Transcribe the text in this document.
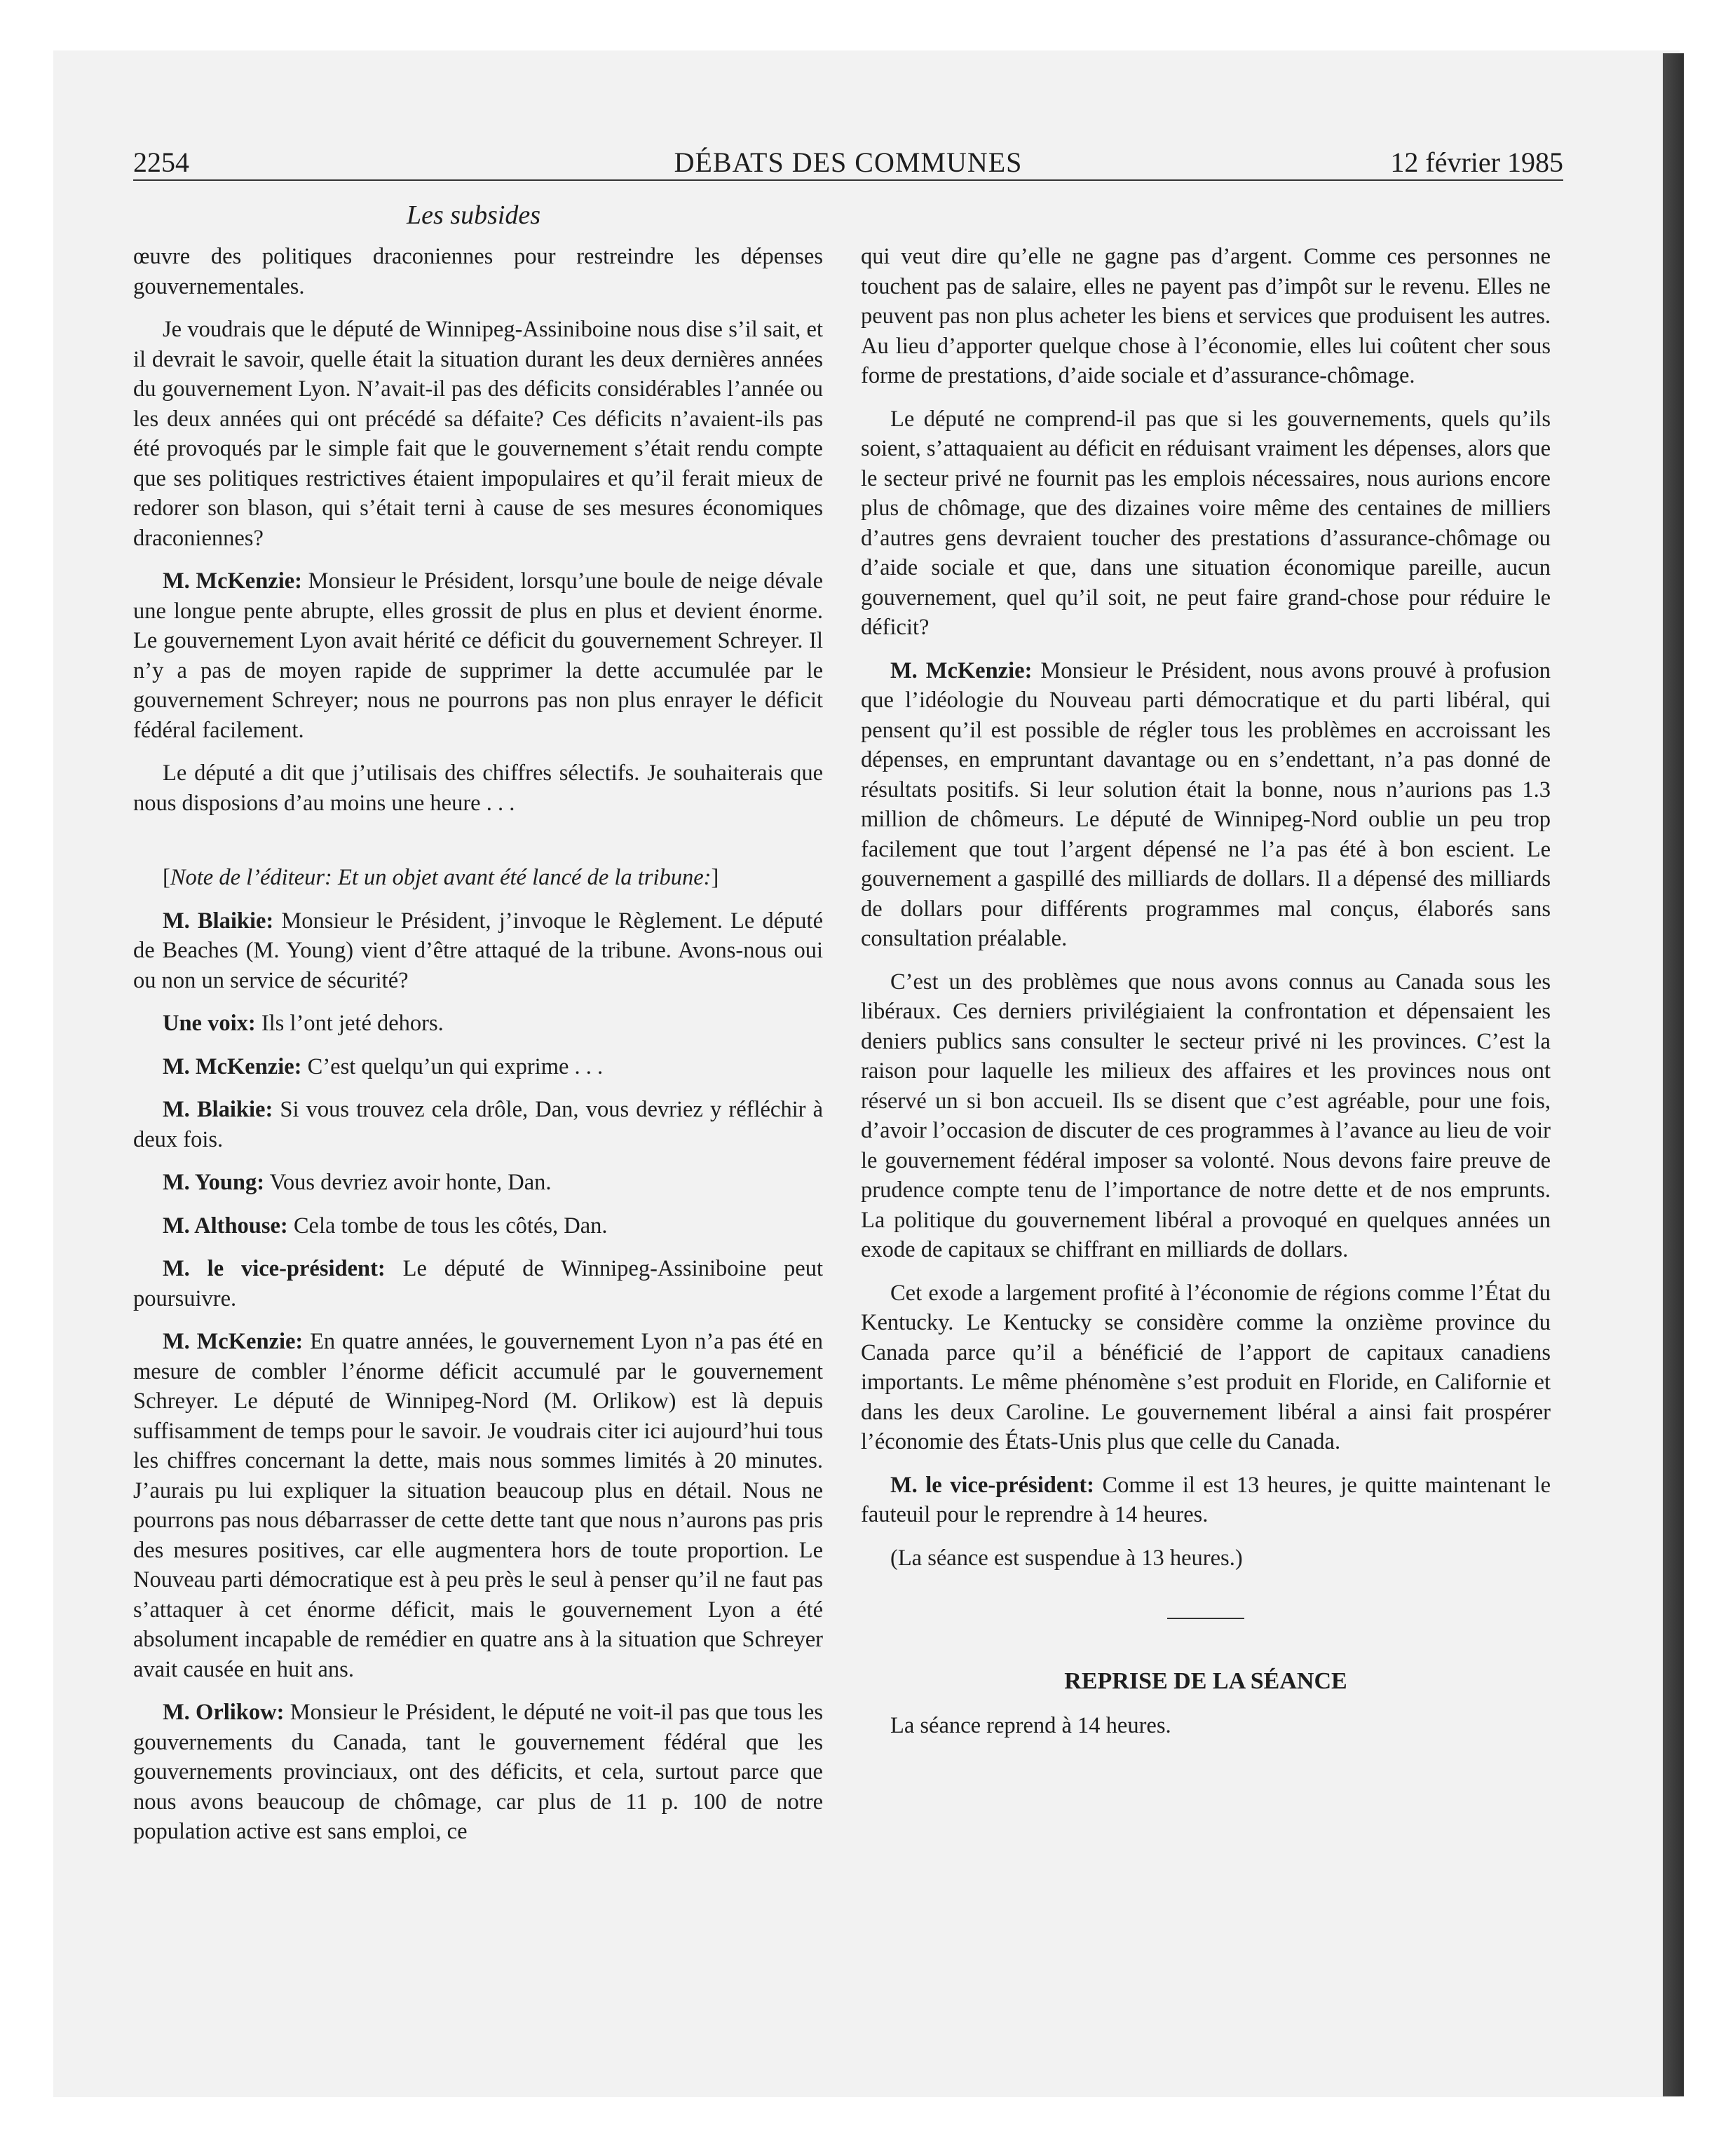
2254	DÉBATS DES COMMUNES	12 février 1985
Les subsides

œuvre des politiques draconiennes pour restreindre les dépenses gouvernementales.

Je voudrais que le député de Winnipeg-Assiniboine nous dise s’il sait, et il devrait le savoir, quelle était la situation durant les deux dernières années du gouvernement Lyon. N’avait-il pas des déficits considérables l’année ou les deux années qui ont précédé sa défaite? Ces déficits n’avaient-ils pas été provoqués par le simple fait que le gouvernement s’était rendu compte que ses politiques restrictives étaient impopulaires et qu’il ferait mieux de redorer son blason, qui s’était terni à cause de ses mesures économiques draconiennes?

M. McKenzie: Monsieur le Président, lorsqu’une boule de neige dévale une longue pente abrupte, elles grossit de plus en plus et devient énorme. Le gouvernement Lyon avait hérité ce déficit du gouvernement Schreyer. Il n’y a pas de moyen rapide de supprimer la dette accumulée par le gouvernement Schreyer; nous ne pourrons pas non plus enrayer le déficit fédéral facilement.

Le député a dit que j’utilisais des chiffres sélectifs. Je souhaiterais que nous disposions d’au moins une heure . . .

[Note de l’éditeur: Et un objet avant été lancé de la tribune:]

M. Blaikie: Monsieur le Président, j’invoque le Règlement. Le député de Beaches (M. Young) vient d’être attaqué de la tribune. Avons-nous oui ou non un service de sécurité?

Une voix: Ils l’ont jeté dehors.

M. McKenzie: C’est quelqu’un qui exprime . . .

M. Blaikie: Si vous trouvez cela drôle, Dan, vous devriez y réfléchir à deux fois.

M. Young: Vous devriez avoir honte, Dan.

M. Althouse: Cela tombe de tous les côtés, Dan.

M. le vice-président: Le député de Winnipeg-Assiniboine peut poursuivre.

M. McKenzie: En quatre années, le gouvernement Lyon n’a pas été en mesure de combler l’énorme déficit accumulé par le gouvernement Schreyer. Le député de Winnipeg-Nord (M. Orlikow) est là depuis suffisamment de temps pour le savoir. Je voudrais citer ici aujourd’hui tous les chiffres concernant la dette, mais nous sommes limités à 20 minutes. J’aurais pu lui expliquer la situation beaucoup plus en détail. Nous ne pourrons pas nous débarrasser de cette dette tant que nous n’aurons pas pris des mesures positives, car elle augmentera hors de toute proportion. Le Nouveau parti démocratique est à peu près le seul à penser qu’il ne faut pas s’attaquer à cet énorme déficit, mais le gouvernement Lyon a été absolument incapable de remédier en quatre ans à la situation que Schreyer avait causée en huit ans.

M. Orlikow: Monsieur le Président, le député ne voit-il pas que tous les gouvernements du Canada, tant le gouvernement fédéral que les gouvernements provinciaux, ont des déficits, et cela, surtout parce que nous avons beaucoup de chômage, car plus de 11 p. 100 de notre population active est sans emploi, ce

qui veut dire qu’elle ne gagne pas d’argent. Comme ces personnes ne touchent pas de salaire, elles ne payent pas d’impôt sur le revenu. Elles ne peuvent pas non plus acheter les biens et services que produisent les autres. Au lieu d’apporter quelque chose à l’économie, elles lui coûtent cher sous forme de prestations, d’aide sociale et d’assurance-chômage.

Le député ne comprend-il pas que si les gouvernements, quels qu’ils soient, s’attaquaient au déficit en réduisant vraiment les dépenses, alors que le secteur privé ne fournit pas les emplois nécessaires, nous aurions encore plus de chômage, que des dizaines voire même des centaines de milliers d’autres gens devraient toucher des prestations d’assurance-chômage ou d’aide sociale et que, dans une situation économique pareille, aucun gouvernement, quel qu’il soit, ne peut faire grand-chose pour réduire le déficit?

M. McKenzie: Monsieur le Président, nous avons prouvé à profusion que l’idéologie du Nouveau parti démocratique et du parti libéral, qui pensent qu’il est possible de régler tous les problèmes en accroissant les dépenses, en empruntant davantage ou en s’endettant, n’a pas donné de résultats positifs. Si leur solution était la bonne, nous n’aurions pas 1.3 million de chômeurs. Le député de Winnipeg-Nord oublie un peu trop facilement que tout l’argent dépensé ne l’a pas été à bon escient. Le gouvernement a gaspillé des milliards de dollars. Il a dépensé des milliards de dollars pour différents programmes mal conçus, élaborés sans consultation préalable.

C’est un des problèmes que nous avons connus au Canada sous les libéraux. Ces derniers privilégiaient la confrontation et dépensaient les deniers publics sans consulter le secteur privé ni les provinces. C’est la raison pour laquelle les milieux des affaires et les provinces nous ont réservé un si bon accueil. Ils se disent que c’est agréable, pour une fois, d’avoir l’occasion de discuter de ces programmes à l’avance au lieu de voir le gouvernement fédéral imposer sa volonté. Nous devons faire preuve de prudence compte tenu de l’importance de notre dette et de nos emprunts. La politique du gouvernement libéral a provoqué en quelques années un exode de capitaux se chiffrant en milliards de dollars.

Cet exode a largement profité à l’économie de régions comme l’État du Kentucky. Le Kentucky se considère comme la onzième province du Canada parce qu’il a bénéficié de l’apport de capitaux canadiens importants. Le même phénomène s’est produit en Floride, en Californie et dans les deux Caroline. Le gouvernement libéral a ainsi fait prospérer l’économie des États-Unis plus que celle du Canada.

M. le vice-président: Comme il est 13 heures, je quitte maintenant le fauteuil pour le reprendre à 14 heures.

(La séance est suspendue à 13 heures.)

REPRISE DE LA SÉANCE

La séance reprend à 14 heures.
